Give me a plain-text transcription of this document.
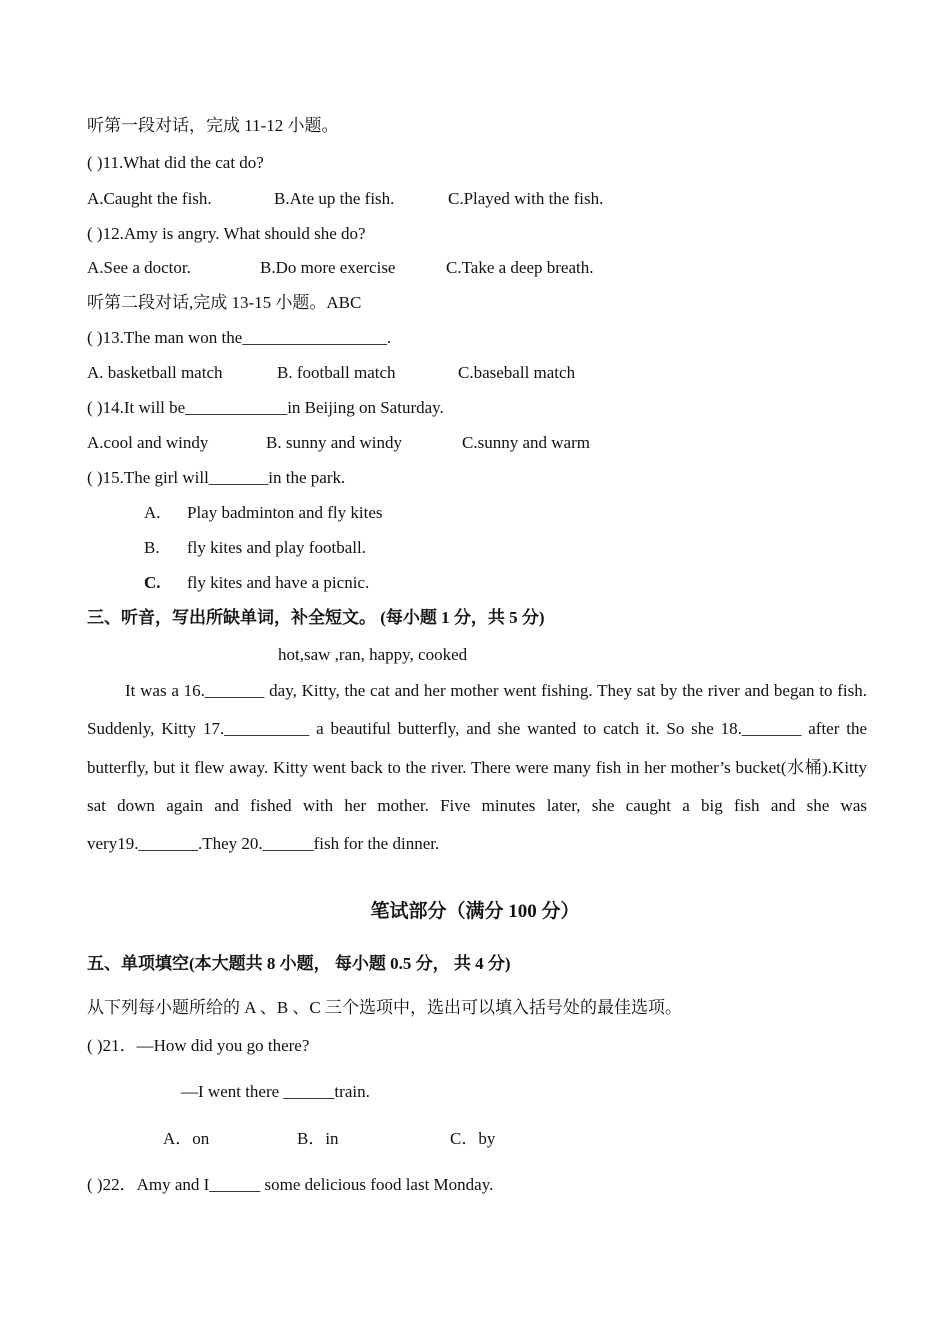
听第一段对话，完成 11-12 小题。
( )11.What did the cat do?
A.Caught the fish.	B.Ate up the fish.	C.Played with the fish.
( )12.Amy is angry. What should she do?
A.See a doctor.	B.Do more exercise	C.Take a deep breath.
听第二段对话,完成 13-15 小题。ABC
( )13.The man won the_________________.
A. basketball match	B. football match	C.baseball match
( )14.It will be____________in Beijing on Saturday.
A.cool and windy	B. sunny and windy	C.sunny and warm
( )15.The girl will_______in the park.
A. Play badminton and fly kites
B. fly kites and play football.
C. fly kites and have a picnic.
三、听音，写出所缺单词，补全短文。 (每小题 1 分，共 5 分)
hot,saw ,ran, happy, cooked

It was a 16._______ day, Kitty, the cat and her mother went fishing. They sat by the river and began to fish. Suddenly, Kitty 17.__________ a beautiful butterfly, and she wanted to catch it. So she 18._______ after the butterfly, but it flew away. Kitty went back to the river. There were many fish in her mother’s bucket(水桶).Kitty sat down again and fished with her mother. Five minutes later, she caught a big fish and she was very19._______.They 20.______fish for the dinner.

笔试部分（满分 100 分）
五、单项填空(本大题共 8 小题， 每小题 0.5 分， 共 4 分)
从下列每小题所给的 A 、B 、C 三个选项中，选出可以填入括号处的最佳选项。
( )21．—How did you go there?
—I went there ______train.
A．on	B．in	C．by
( )22．Amy and I______ some delicious food last Monday.
